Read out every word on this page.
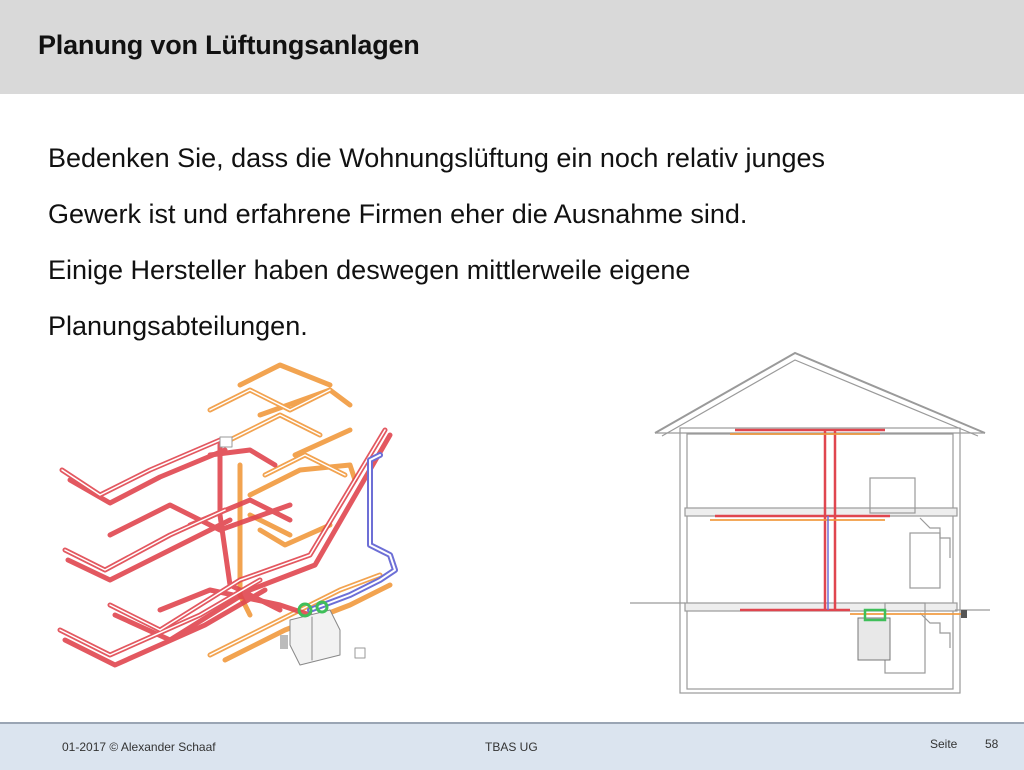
Planung von Lüftungsanlagen
Bedenken Sie, dass die Wohnungslüftung ein noch relativ junges
Gewerk ist und erfahrene Firmen eher die Ausnahme sind.
Einige Hersteller haben deswegen mittlerweile eigene
Planungsabteilungen.
01-2017 © Alexander Schaaf	TBAS UG	Seite 58
